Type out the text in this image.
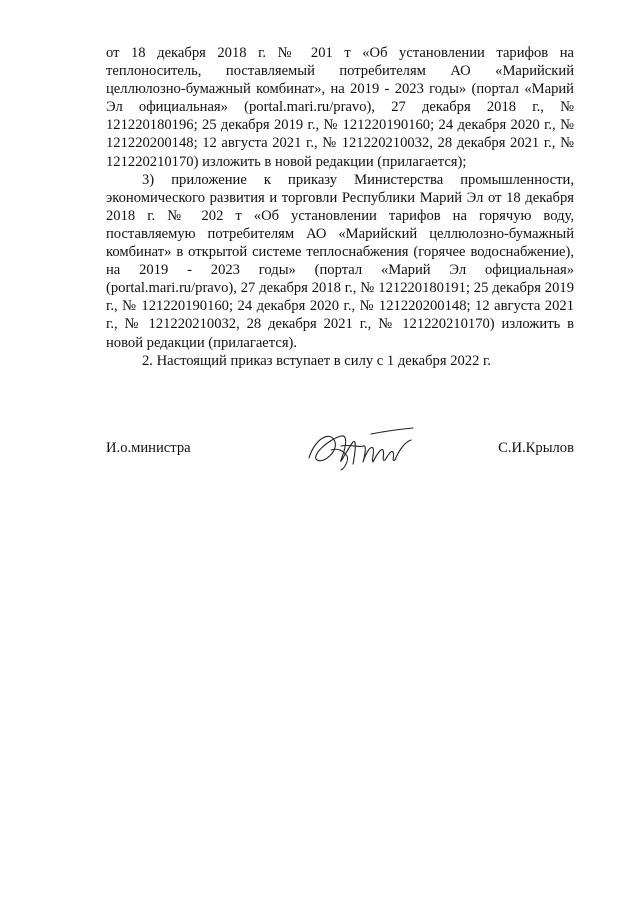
от 18 декабря 2018 г. № 201 т «Об установлении тарифов на теплоноситель, поставляемый потребителям АО «Марийский целлюлозно-бумажный комбинат», на 2019 - 2023 годы» (портал «Марий Эл официальная» (portal.mari.ru/pravo), 27 декабря 2018 г., № 121220180196; 25 декабря 2019 г., № 121220190160; 24 декабря 2020 г., № 121220200148; 12 августа 2021 г., № 121220210032, 28 декабря 2021 г., № 121220210170) изложить в новой редакции (прилагается);

3) приложение к приказу Министерства промышленности, экономического развития и торговли Республики Марий Эл от 18 декабря 2018 г. № 202 т «Об установлении тарифов на горячую воду, поставляемую потребителям АО «Марийский целлюлозно-бумажный комбинат» в открытой системе теплоснабжения (горячее водоснабжение), на 2019 - 2023 годы» (портал «Марий Эл официальная» (portal.mari.ru/pravo), 27 декабря 2018 г., № 121220180191; 25 декабря 2019 г., № 121220190160; 24 декабря 2020 г., № 121220200148; 12 августа 2021 г., № 121220210032, 28 декабря 2021 г., № 121220210170) изложить в новой редакции (прилагается).

2. Настоящий приказ вступает в силу с 1 декабря 2022 г.

И.о.министра	С.И.Крылов
